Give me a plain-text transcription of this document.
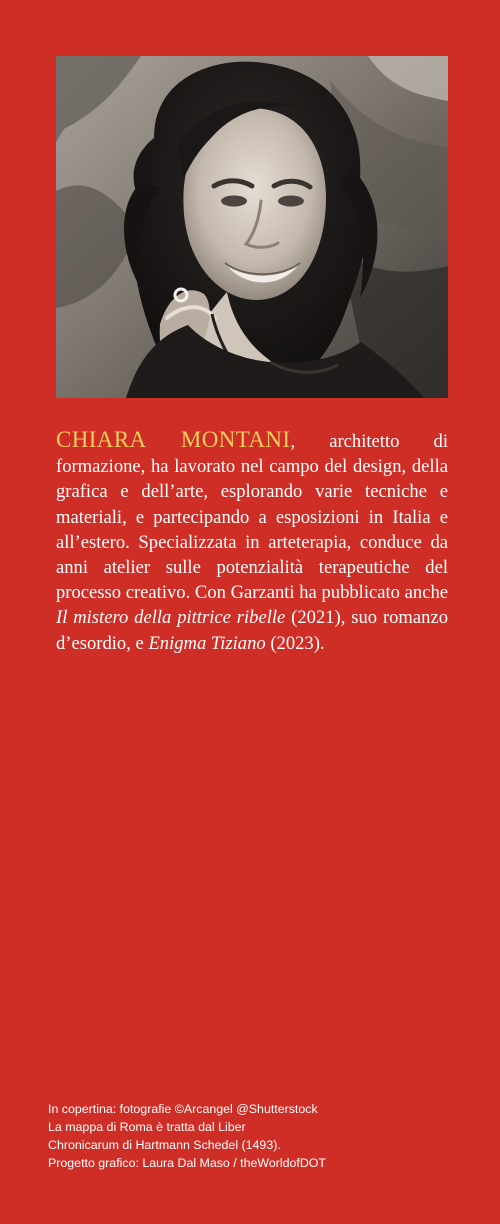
CHIARA MONTANI, architetto di formazione, ha lavorato nel campo del design, della grafica e dell’arte, esplorando varie tecniche e materiali, e partecipando a esposizioni in Italia e all’estero. Specializzata in arteterapia, conduce da anni atelier sulle potenzialità terapeutiche del processo creativo. Con Garzanti ha pubblicato anche Il mistero della pittrice ribelle (2021), suo romanzo d’esordio, e Enigma Tiziano (2023).
In copertina: fotografie ©Arcangel @Shutterstock
La mappa di Roma è tratta dal Liber
Chronicarum di Hartmann Schedel (1493).
Progetto grafico: Laura Dal Maso / theWorldofDOT
